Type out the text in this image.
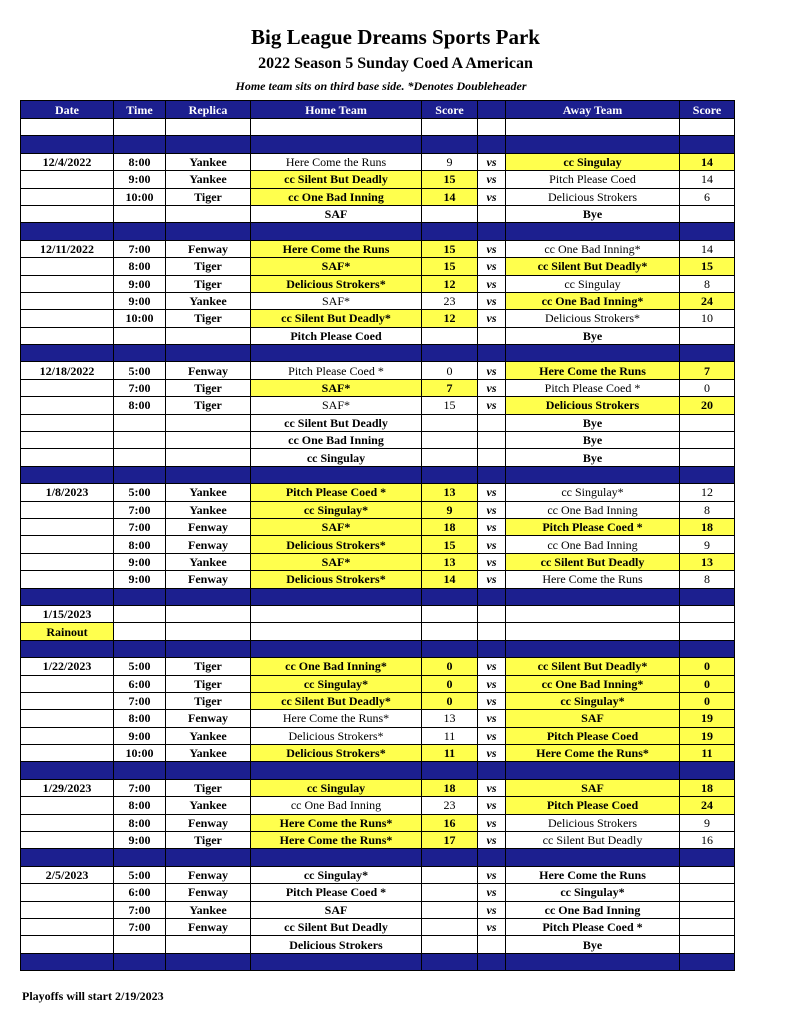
Big League Dreams Sports Park
2022 Season 5 Sunday Coed A American
Home team sits on third base side. *Denotes Doubleheader
Date	Time	Replica	Home Team	Score		Away Team	Score

12/4/2022	8:00	Yankee	Here Come the Runs	9	vs	cc Singulay	14
	9:00	Yankee	cc Silent But Deadly	15	vs	Pitch Please Coed	14
	10:00	Tiger	cc One Bad Inning	14	vs	Delicious Strokers	6
			SAF			Bye	

12/11/2022	7:00	Fenway	Here Come the Runs	15	vs	cc One Bad Inning*	14
	8:00	Tiger	SAF*	15	vs	cc Silent But Deadly*	15
	9:00	Tiger	Delicious Strokers*	12	vs	cc Singulay	8
	9:00	Yankee	SAF*	23	vs	cc One Bad Inning*	24
	10:00	Tiger	cc Silent But Deadly*	12	vs	Delicious Strokers*	10
			Pitch Please Coed			Bye	

12/18/2022	5:00	Fenway	Pitch Please Coed *	0	vs	Here Come the Runs	7
	7:00	Tiger	SAF*	7	vs	Pitch Please Coed *	0
	8:00	Tiger	SAF*	15	vs	Delicious Strokers	20
			cc Silent But Deadly			Bye	
			cc One Bad Inning			Bye	
			cc Singulay			Bye	

1/8/2023	5:00	Yankee	Pitch Please Coed *	13	vs	cc Singulay*	12
	7:00	Yankee	cc Singulay*	9	vs	cc One Bad Inning	8
	7:00	Fenway	SAF*	18	vs	Pitch Please Coed *	18
	8:00	Fenway	Delicious Strokers*	15	vs	cc One Bad Inning	9
	9:00	Yankee	SAF*	13	vs	cc Silent But Deadly	13
	9:00	Fenway	Delicious Strokers*	14	vs	Here Come the Runs	8

1/15/2023							
Rainout							

1/22/2023	5:00	Tiger	cc One Bad Inning*	0	vs	cc Silent But Deadly*	0
	6:00	Tiger	cc Singulay*	0	vs	cc One Bad Inning*	0
	7:00	Tiger	cc Silent But Deadly*	0	vs	cc Singulay*	0
	8:00	Fenway	Here Come the Runs*	13	vs	SAF	19
	9:00	Yankee	Delicious Strokers*	11	vs	Pitch Please Coed	19
	10:00	Yankee	Delicious Strokers*	11	vs	Here Come the Runs*	11

1/29/2023	7:00	Tiger	cc Singulay	18	vs	SAF	18
	8:00	Yankee	cc One Bad Inning	23	vs	Pitch Please Coed	24
	8:00	Fenway	Here Come the Runs*	16	vs	Delicious Strokers	9
	9:00	Tiger	Here Come the Runs*	17	vs	cc Silent But Deadly	16

2/5/2023	5:00	Fenway	cc Singulay*		vs	Here Come the Runs	
	6:00	Fenway	Pitch Please Coed *		vs	cc Singulay*	
	7:00	Yankee	SAF		vs	cc One Bad Inning	
	7:00	Fenway	cc Silent But Deadly		vs	Pitch Please Coed *	
			Delicious Strokers			Bye	

Playoffs will start 2/19/2023
